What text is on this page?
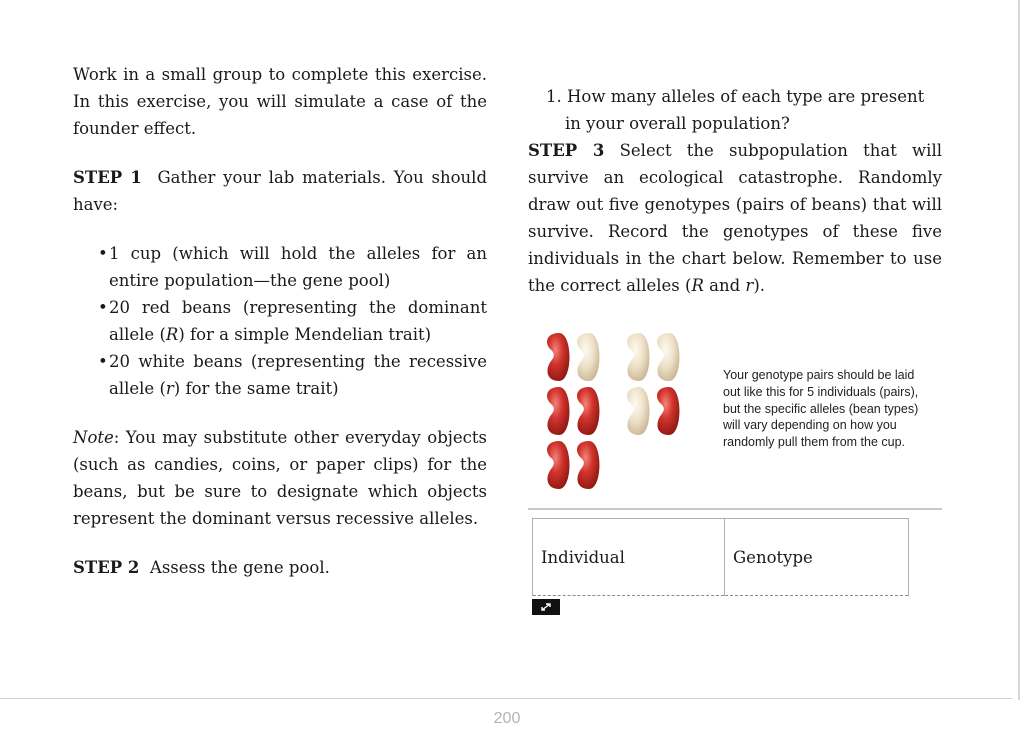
Work in a small group to complete this exercise. In this exercise, you will simulate a case of the founder effect.

STEP 1 Gather your lab materials. You should have:

• 1 cup (which will hold the alleles for an entire population—the gene pool)
• 20 red beans (representing the dominant allele (R) for a simple Mendelian trait)
• 20 white beans (representing the recessive allele (r) for the same trait)

Note: You may substitute other everyday objects (such as candies, coins, or paper clips) for the beans, but be sure to designate which objects represent the dominant versus recessive alleles.

STEP 2 Assess the gene pool.

1. How many alleles of each type are present in your overall population?

STEP 3 Select the subpopulation that will survive an ecological catastrophe. Randomly draw out five genotypes (pairs of beans) that will survive. Record the genotypes of these five individuals in the chart below. Remember to use the correct alleles (R and r).

Your genotype pairs should be laid out like this for 5 individuals (pairs), but the specific alleles (bean types) will vary depending on how you randomly pull them from the cup.
Individual	Genotype
200
